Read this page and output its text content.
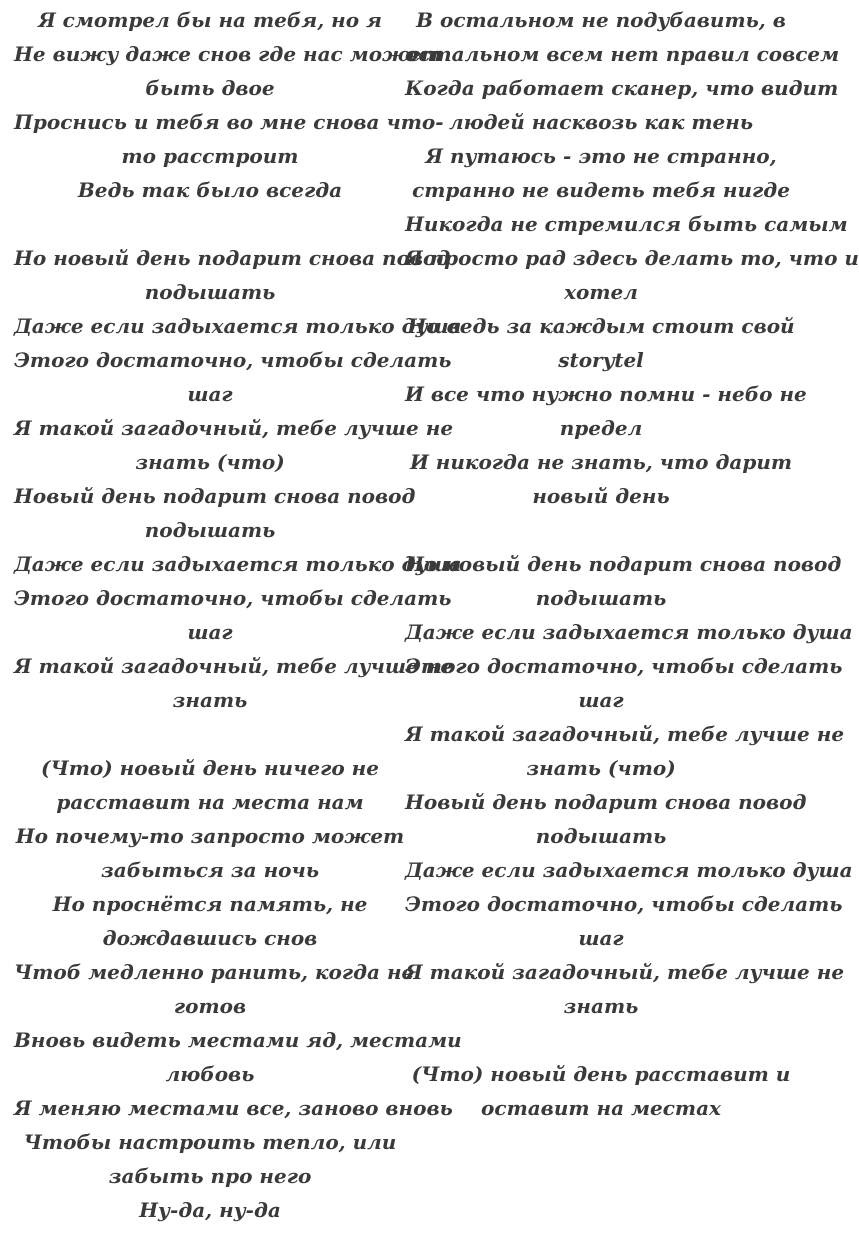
Я смотрел бы на тебя, но я
Не вижу даже снов где нас может
быть двое
Проснись и тебя во мне снова что-
то расстроит
Ведь так было всегда
Но новый день подарит снова повод
подышать
Даже если задыхается только душа
Этого достаточно, чтобы сделать
шаг
Я такой загадочный, тебе лучше не
знать (что)
Новый день подарит снова повод
подышать
Даже если задыхается только душа
Этого достаточно, чтобы сделать
шаг
Я такой загадочный, тебе лучше не
знать
(Что) новый день ничего не
расставит на места нам
Но почему-то запросто может
забыться за ночь
Но проснётся память, не
дождавшись снов
Чтоб медленно ранить, когда не
готов
Вновь видеть местами яд, местами
любовь
Я меняю местами все, заново вновь
Чтобы настроить тепло, или
забыть про него
Ну-да, ну-да
В остальном не подубавить, в
остальном всем нет правил совсем
Когда работает сканер, что видит
людей насквозь как тень
Я путаюсь - это не странно,
странно не видеть тебя нигде
Никогда не стремился быть самым
Я просто рад здесь делать то, что и
хотел
Но ведь за каждым стоит свой
storytel
И все что нужно помни - небо не
предел
И никогда не знать, что дарит
новый день
Но новый день подарит снова повод
подышать
Даже если задыхается только душа
Этого достаточно, чтобы сделать
шаг
Я такой загадочный, тебе лучше не
знать (что)
Новый день подарит снова повод
подышать
Даже если задыхается только душа
Этого достаточно, чтобы сделать
шаг
Я такой загадочный, тебе лучше не
знать
(Что) новый день расставит и
оставит на местах
